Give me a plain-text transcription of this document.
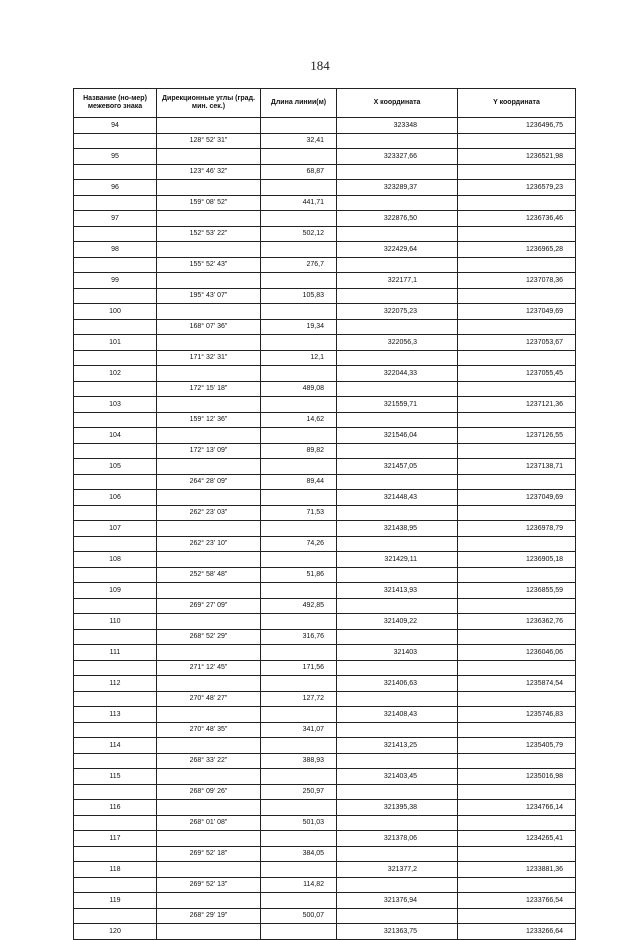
184
Название (но-мер) межевого знака	Дирекционные углы (град. мин. сек.)	Длина линии(м)	X координата	Y координата
94			323348	1236496,75
	128° 52' 31"	32,41		
95			323327,66	1236521,98
	123° 46' 32"	68,87		
96			323289,37	1236579,23
	159° 08' 52"	441,71		
97			322876,50	1236736,46
	152° 53' 22"	502,12		
98			322429,64	1236965,28
	155° 52' 43"	276,7		
99			322177,1	1237078,36
	195° 43' 07"	105,83		
100			322075,23	1237049,69
	168° 07' 36"	19,34		
101			322056,3	1237053,67
	171° 32' 31"	12,1		
102			322044,33	1237055,45
	172° 15' 18"	489,08		
103			321559,71	1237121,36
	159° 12' 36"	14,62		
104			321546,04	1237126,55
	172° 13' 09"	89,82		
105			321457,05	1237138,71
	264° 28' 09"	89,44		
106			321448,43	1237049,69
	262° 23' 03"	71,53		
107			321438,95	1236978,79
	262° 23' 10"	74,26		
108			321429,11	1236905,18
	252° 58' 48"	51,86		
109			321413,93	1236855,59
	269° 27' 09"	492,85		
110			321409,22	1236362,76
	268° 52' 29"	316,76		
111			321403	1236046,06
	271° 12' 45"	171,56		
112			321406,63	1235874,54
	270° 48' 27"	127,72		
113			321408,43	1235746,83
	270° 48' 35"	341,07		
114			321413,25	1235405,79
	268° 33' 22"	388,93		
115			321403,45	1235016,98
	268° 09' 26"	250,97		
116			321395,38	1234766,14
	268° 01' 08"	501,03		
117			321378,06	1234265,41
	269° 52' 18"	384,05		
118			321377,2	1233881,36
	269° 52' 13"	114,82		
119			321376,94	1233766,54
	268° 29' 19"	500,07		
120			321363,75	1233266,64
